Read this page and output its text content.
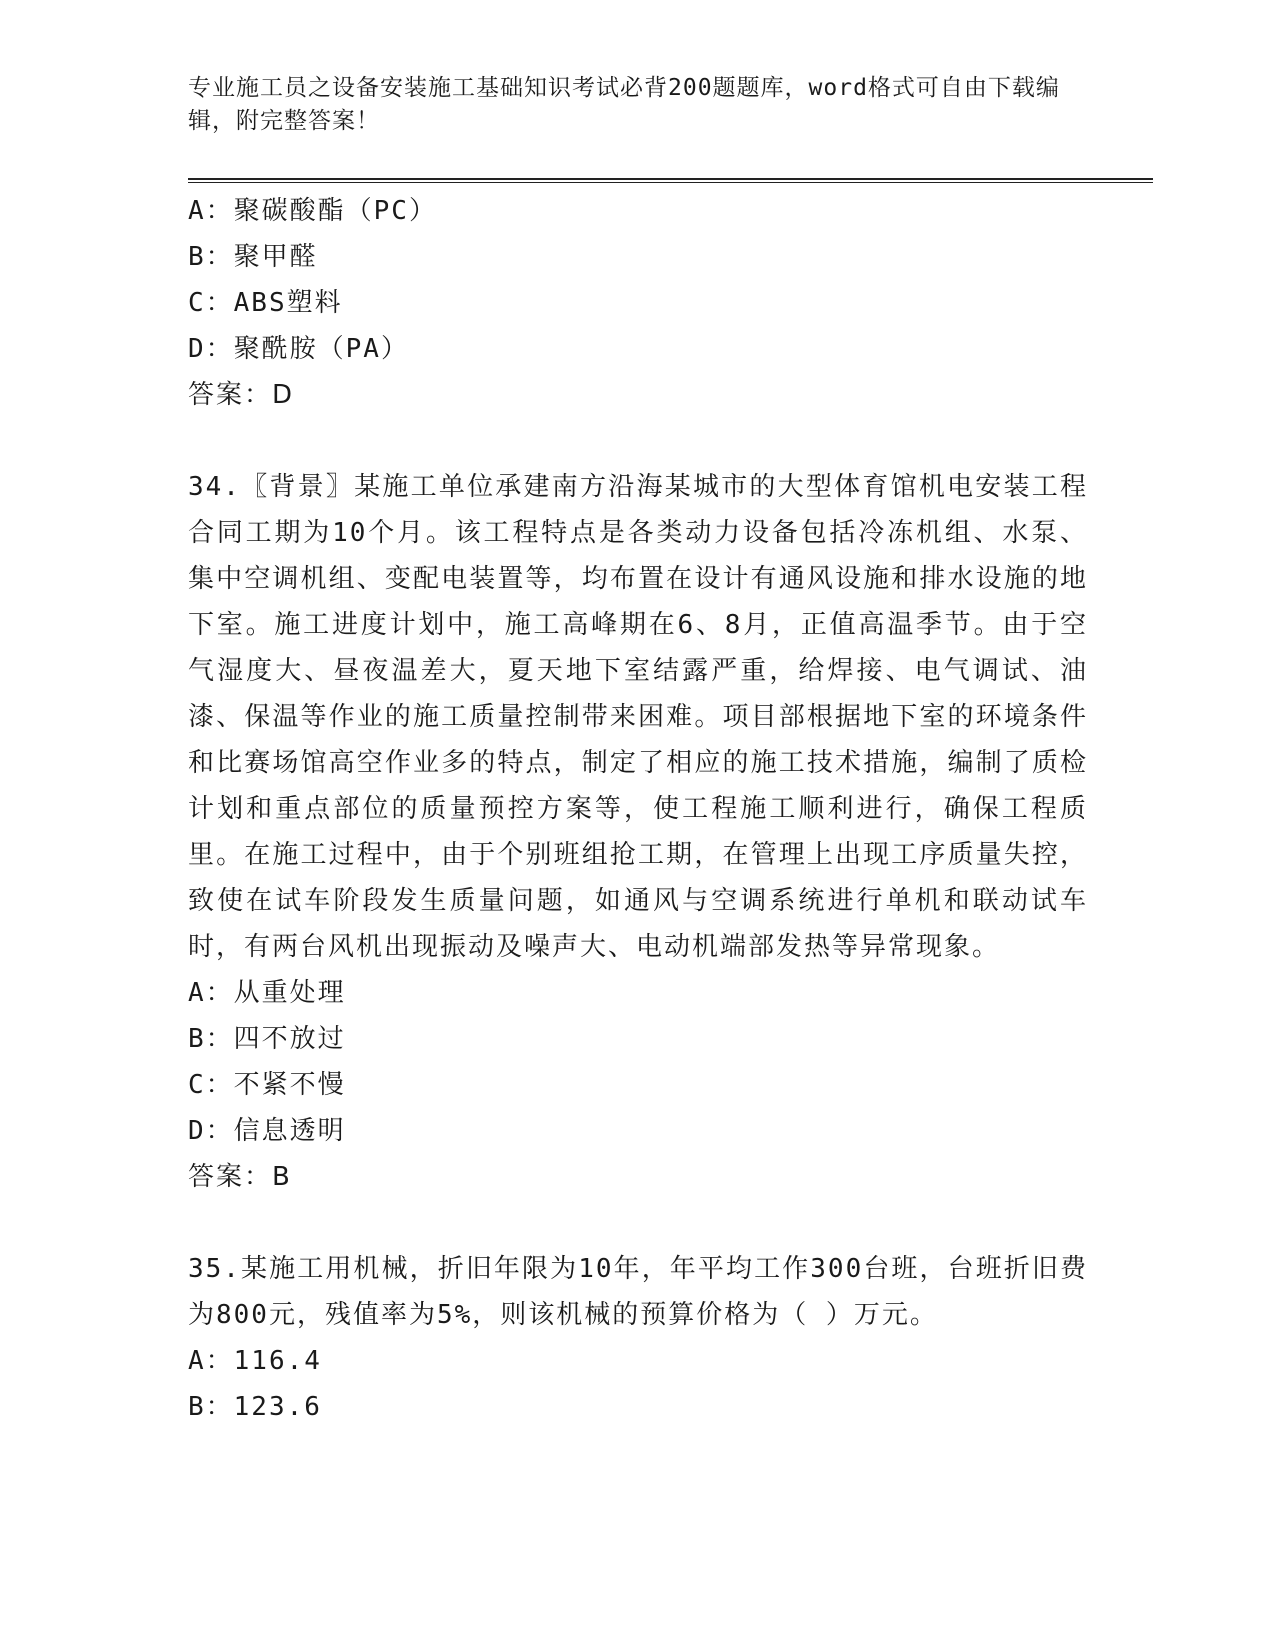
专业施工员之设备安装施工基础知识考试必背200题题库，word格式可自由下载编辑，附完整答案！

A：聚碳酸酯（PC）

B：聚甲醛

C：ABS塑料

D：聚酰胺（PA）

答案：D

34.〖背景〗某施工单位承建南方沿海某城市的大型体育馆机电安装工程合同工期为10个月。该工程特点是各类动力设备包括冷冻机组、水泵、集中空调机组、变配电装置等，均布置在设计有通风设施和排水设施的地下室。施工进度计划中，施工高峰期在6、8月，正值高温季节。由于空气湿度大、昼夜温差大，夏天地下室结露严重，给焊接、电气调试、油漆、保温等作业的施工质量控制带来困难。项目部根据地下室的环境条件和比赛场馆高空作业多的特点，制定了相应的施工技术措施，编制了质检计划和重点部位的质量预控方案等，使工程施工顺利进行，确保工程质里。在施工过程中，由于个别班组抢工期，在管理上出现工序质量失控，致使在试车阶段发生质量问题，如通风与空调系统进行单机和联动试车时，有两台风机出现振动及噪声大、电动机端部发热等异常现象。

A：从重处理

B：四不放过

C：不紧不慢

D：信息透明

答案：B

35.某施工用机械，折旧年限为10年，年平均工作300台班，台班折旧费为800元，残值率为5%，则该机械的预算价格为（ ）万元。

A：116.4

B：123.6
